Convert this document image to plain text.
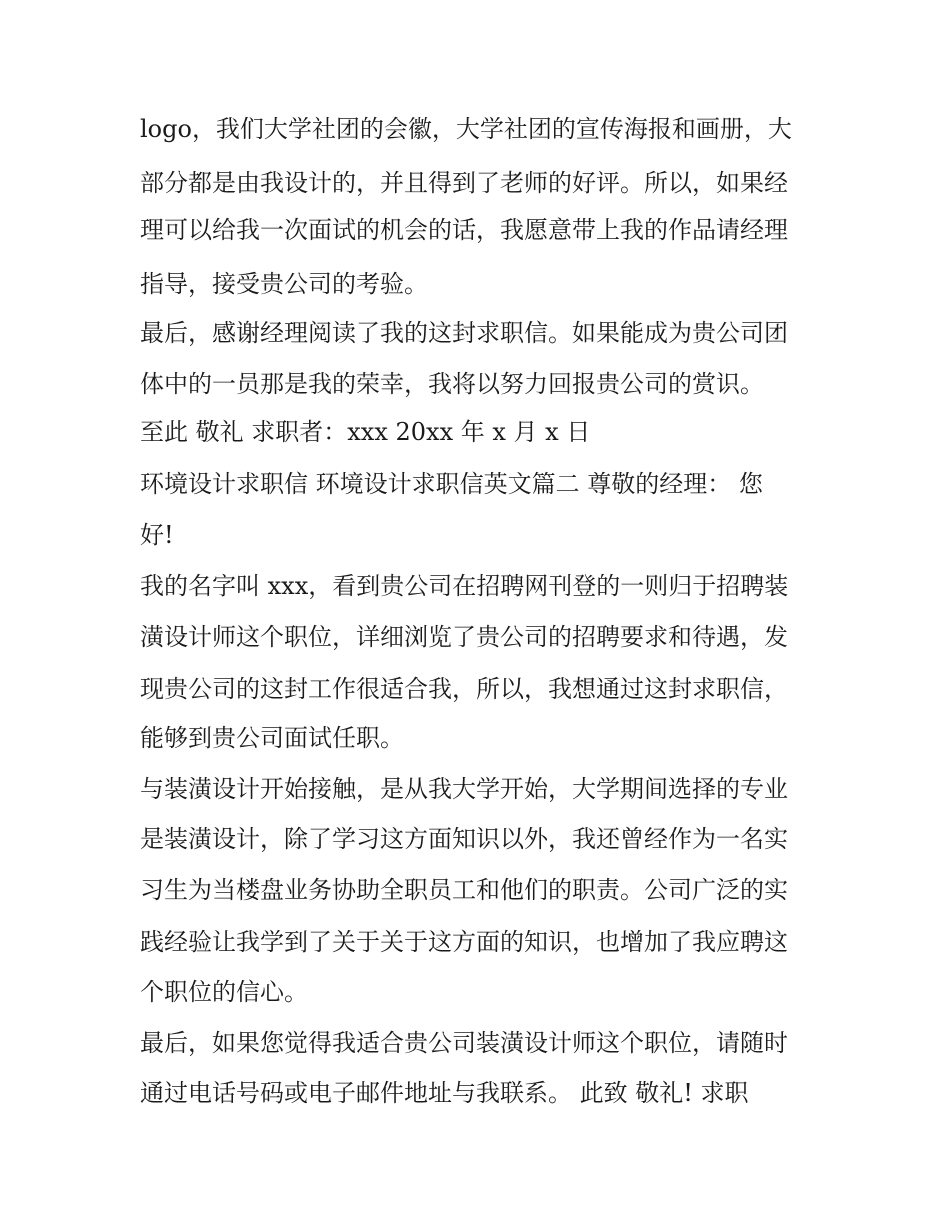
logo，我们大学社团的会徽，大学社团的宣传海报和画册，大
部分都是由我设计的，并且得到了老师的好评。所以，如果经
理可以给我一次面试的机会的话，我愿意带上我的作品请经理
指导，接受贵公司的考验。
最后，感谢经理阅读了我的这封求职信。如果能成为贵公司团
体中的一员那是我的荣幸，我将以努力回报贵公司的赏识。
至此 敬礼 求职者：xxx 20xx 年 x 月 x 日
环境设计求职信 环境设计求职信英文篇二 尊敬的经理： 您
好!
我的名字叫 xxx，看到贵公司在招聘网刊登的一则归于招聘装
潢设计师这个职位，详细浏览了贵公司的招聘要求和待遇，发
现贵公司的这封工作很适合我，所以，我想通过这封求职信，
能够到贵公司面试任职。
与装潢设计开始接触，是从我大学开始，大学期间选择的专业
是装潢设计，除了学习这方面知识以外，我还曾经作为一名实
习生为当楼盘业务协助全职员工和他们的职责。公司广泛的实
践经验让我学到了关于关于这方面的知识，也增加了我应聘这
个职位的信心。
最后，如果您觉得我适合贵公司装潢设计师这个职位，请随时
通过电话号码或电子邮件地址与我联系。 此致 敬礼! 求职
